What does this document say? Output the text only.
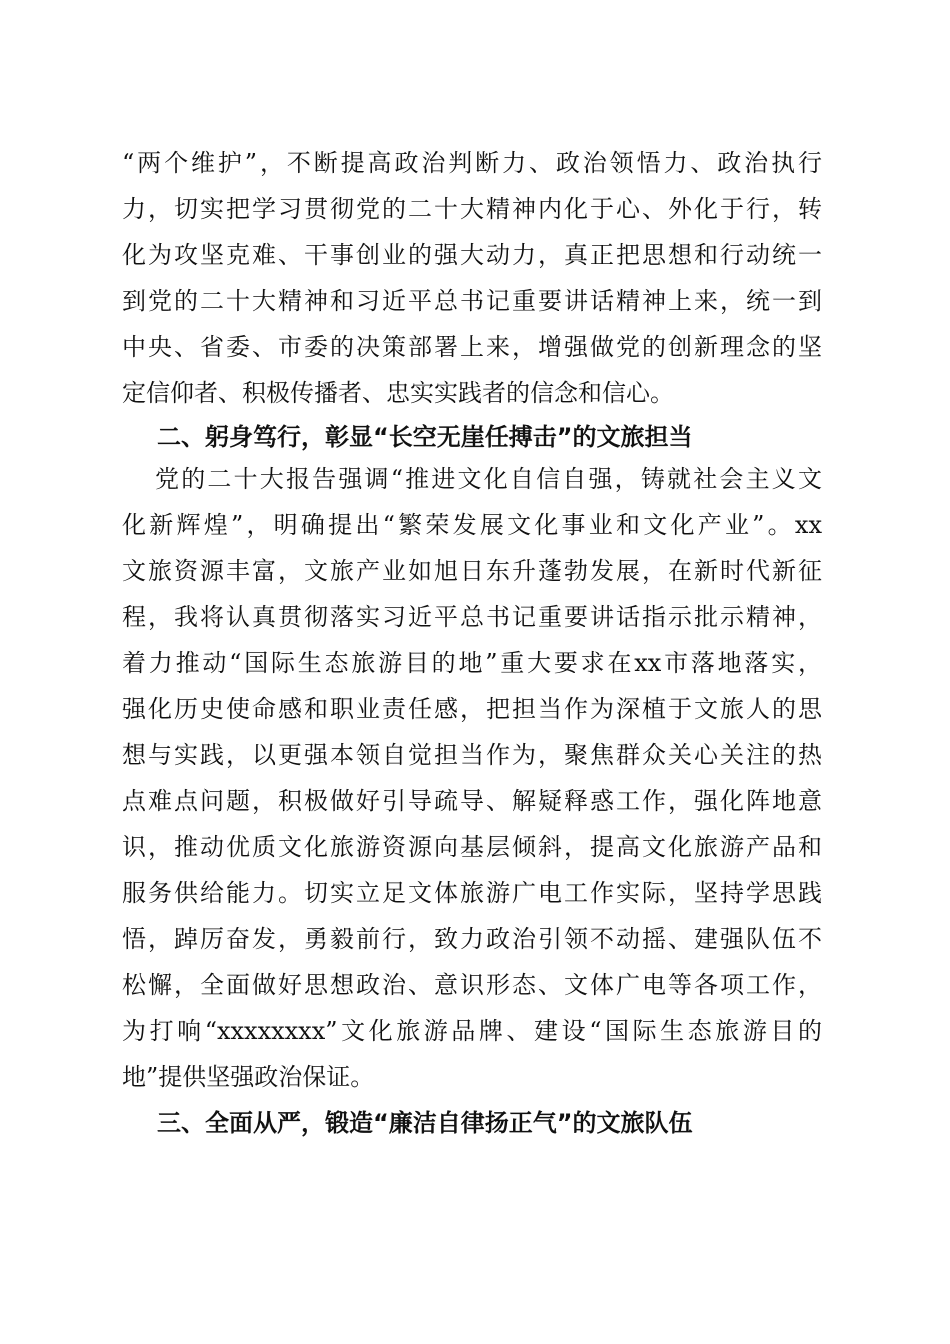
“两个维护”，不断提高政治判断力、政治领悟力、政治执行

力，切实把学习贯彻党的二十大精神内化于心、外化于行，转

化为攻坚克难、干事创业的强大动力，真正把思想和行动统一

到党的二十大精神和习近平总书记重要讲话精神上来，统一到

中央、省委、市委的决策部署上来，增强做党的创新理念的坚

定信仰者、积极传播者、忠实实践者的信念和信心。

二、躬身笃行，彰显“长空无崖任搏击”的文旅担当

党的二十大报告强调“推进文化自信自强，铸就社会主义文

化新辉煌”，明确提出“繁荣发展文化事业和文化产业”。xx

文旅资源丰富，文旅产业如旭日东升蓬勃发展，在新时代新征

程，我将认真贯彻落实习近平总书记重要讲话指示批示精神，

着力推动“国际生态旅游目的地”重大要求在xx市落地落实，

强化历史使命感和职业责任感，把担当作为深植于文旅人的思

想与实践，以更强本领自觉担当作为，聚焦群众关心关注的热

点难点问题，积极做好引导疏导、解疑释惑工作，强化阵地意

识，推动优质文化旅游资源向基层倾斜，提高文化旅游产品和

服务供给能力。切实立足文体旅游广电工作实际，坚持学思践

悟，踔厉奋发，勇毅前行，致力政治引领不动摇、建强队伍不

松懈，全面做好思想政治、意识形态、文体广电等各项工作，

为打响“xxxxxxxx”文化旅游品牌、建设“国际生态旅游目的

地”提供坚强政治保证。

三、全面从严，锻造“廉洁自律扬正气”的文旅队伍
